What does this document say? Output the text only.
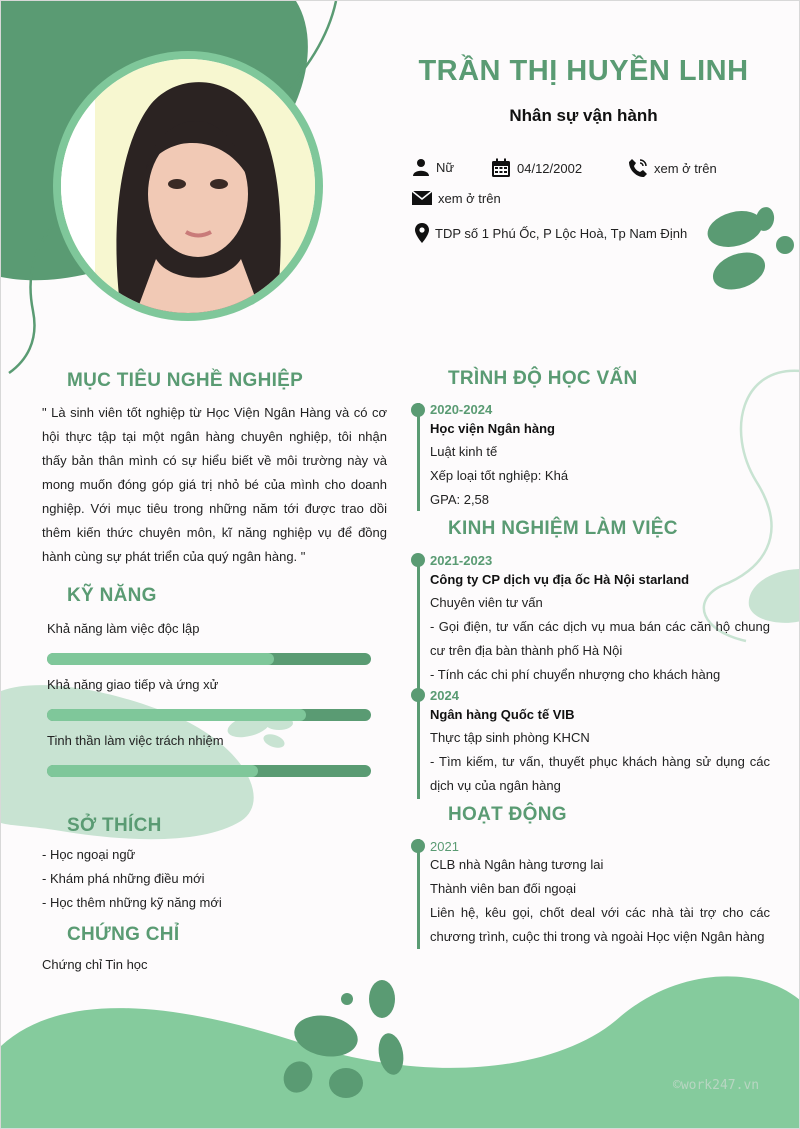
TRẦN THỊ HUYỀN LINH
Nhân sự vận hành
Nữ	04/12/2002	xem ở trên
xem ở trên
TDP số 1 Phú Ốc, P Lộc Hoà, Tp Nam Định
MỤC TIÊU NGHỀ NGHIỆP
" Là sinh viên tốt nghiệp từ Học Viện Ngân Hàng và có cơ hội thực tập tại một ngân hàng chuyên nghiệp, tôi nhận thấy bản thân mình có sự hiểu biết về môi trường này và mong muốn đóng góp giá trị nhỏ bé của mình cho doanh nghiệp. Với mục tiêu trong những năm tới được trao dồi thêm kiến thức chuyên môn, kĩ năng nghiệp vụ để đồng hành cùng sự phát triển của quý ngân hàng. "
KỸ NĂNG
Khả năng làm việc độc lập
Khả năng giao tiếp và ứng xử
Tinh thần làm việc trách nhiệm
SỞ THÍCH
- Học ngoại ngữ
- Khám phá những điều mới
- Học thêm những kỹ năng mới
CHỨNG CHỈ
Chứng chỉ Tin học
TRÌNH ĐỘ HỌC VẤN
2020-2024
Học viện Ngân hàng
Luật kinh tế
Xếp loại tốt nghiệp: Khá
GPA: 2,58
KINH NGHIỆM LÀM VIỆC
2021-2023
Công ty CP dịch vụ địa ốc Hà Nội starland
Chuyên viên tư vấn
- Gọi điện, tư vấn các dịch vụ mua bán các căn hộ chung cư trên địa bàn thành phố Hà Nội
- Tính các chi phí chuyển nhượng cho khách hàng
2024
Ngân hàng Quốc tế VIB
Thực tập sinh phòng KHCN
- Tìm kiếm, tư vấn, thuyết phục khách hàng sử dụng các dịch vụ của ngân hàng
HOẠT ĐỘNG
2021
CLB nhà Ngân hàng tương lai
Thành viên ban đối ngoại
Liên hệ, kêu gọi, chốt deal với các nhà tài trợ cho các chương trình, cuộc thi trong và ngoài Học viện Ngân hàng
©work247.vn
